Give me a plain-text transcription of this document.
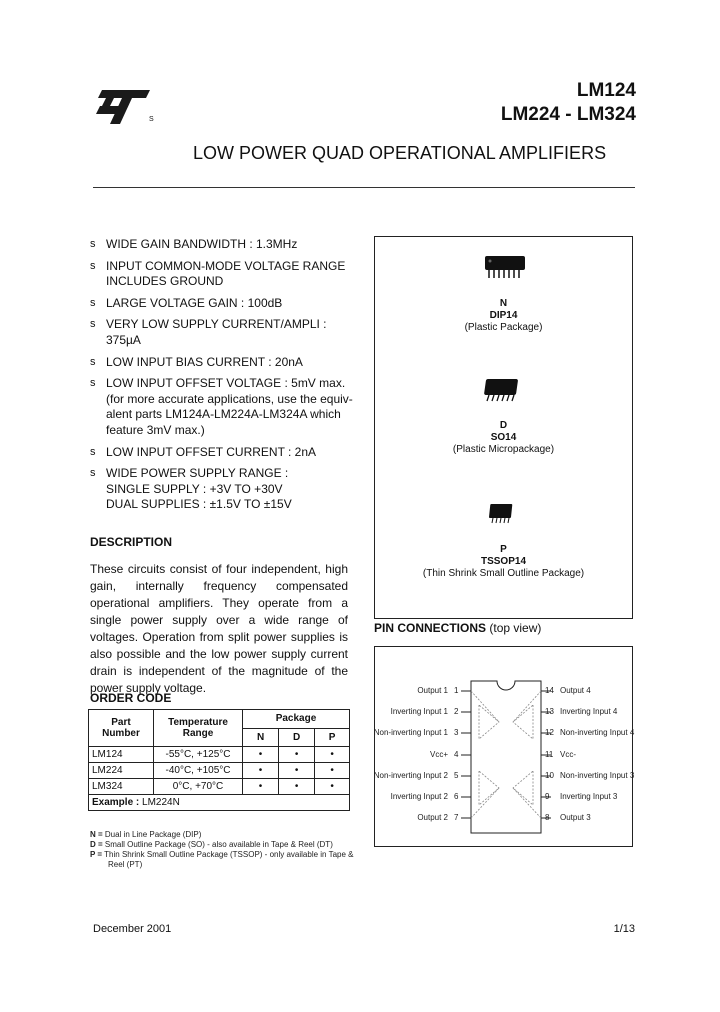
S
LM124
LM224 - LM324
LOW POWER QUAD OPERATIONAL AMPLIFIERS
s WIDE GAIN BANDWIDTH : 1.3MHz
s INPUT COMMON-MODE VOLTAGE RANGE
INCLUDES GROUND
s LARGE VOLTAGE GAIN : 100dB
s VERY LOW SUPPLY CURRENT/AMPLI :
375µA
s LOW INPUT BIAS CURRENT : 20nA
s LOW INPUT OFFSET VOLTAGE : 5mV max.
(for more accurate applications, use the equiv-
alent parts LM124A-LM224A-LM324A which
feature 3mV max.)
s LOW INPUT OFFSET CURRENT : 2nA
s WIDE POWER SUPPLY RANGE :
SINGLE SUPPLY : +3V TO +30V
DUAL SUPPLIES : ±1.5V TO ±15V
DESCRIPTION
These circuits consist of four independent, high gain, internally frequency compensated operational amplifiers. They operate from a single power supply over a wide range of voltages. Operation from split power supplies is also possible and the low power supply current drain is independent of the magnitude of the power supply voltage.
ORDER CODE
Part Number	Temperature Range	Package		
		N	D	P
LM124	-55°C, +125°C	•	•	•
LM224	-40°C, +105°C	•	•	•
LM324	0°C, +70°C	•	•	•
Example : LM224N				
N = Dual in Line Package (DIP)
D = Small Outline Package (SO) - also available in Tape & Reel (DT)
P = Thin Shrink Small Outline Package (TSSOP) - only available in Tape & Reel (PT)
N
DIP14
(Plastic Package)
D
SO14
(Plastic Micropackage)
P
TSSOP14
(Thin Shrink Small Outline Package)
PIN CONNECTIONS (top view)
Output 1 1
Inverting Input 1 2
Non-inverting Input 1 3
Vcc+ 4
Non-inverting Input 2 5
Inverting Input 2 6
Output 2 7
14 Output 4
13 Inverting Input 4
12 Non-inverting Input 4
11 Vcc-
10 Non-inverting Input 3
9 Inverting Input 3
8 Output 3
December 2001	1/13
